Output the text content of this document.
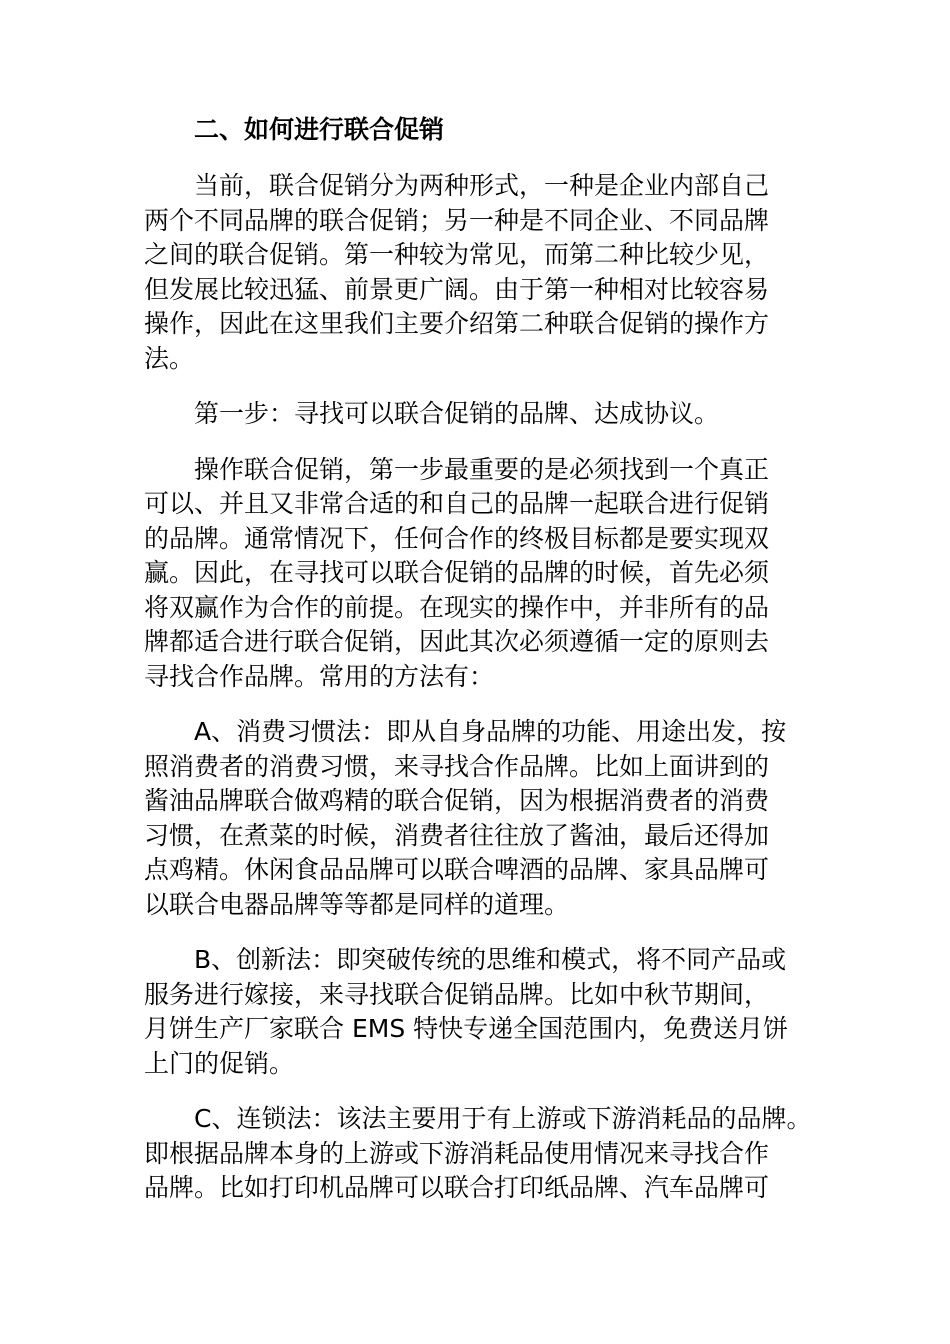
二、如何进行联合促销
当前，联合促销分为两种形式，一种是企业内部自己
两个不同品牌的联合促销；另一种是不同企业、不同品牌
之间的联合促销。第一种较为常见，而第二种比较少见，
但发展比较迅猛、前景更广阔。由于第一种相对比较容易
操作，因此在这里我们主要介绍第二种联合促销的操作方
法。
第一步：寻找可以联合促销的品牌、达成协议。
操作联合促销，第一步最重要的是必须找到一个真正
可以、并且又非常合适的和自己的品牌一起联合进行促销
的品牌。通常情况下，任何合作的终极目标都是要实现双
赢。因此，在寻找可以联合促销的品牌的时候，首先必须
将双赢作为合作的前提。在现实的操作中，并非所有的品
牌都适合进行联合促销，因此其次必须遵循一定的原则去
寻找合作品牌。常用的方法有：
A、消费习惯法：即从自身品牌的功能、用途出发，按
照消费者的消费习惯，来寻找合作品牌。比如上面讲到的
酱油品牌联合做鸡精的联合促销，因为根据消费者的消费
习惯，在煮菜的时候，消费者往往放了酱油，最后还得加
点鸡精。休闲食品品牌可以联合啤酒的品牌、家具品牌可
以联合电器品牌等等都是同样的道理。
B、创新法：即突破传统的思维和模式，将不同产品或
服务进行嫁接，来寻找联合促销品牌。比如中秋节期间，
月饼生产厂家联合 EMS 特快专递全国范围内，免费送月饼
上门的促销。
C、连锁法：该法主要用于有上游或下游消耗品的品牌。
即根据品牌本身的上游或下游消耗品使用情况来寻找合作
品牌。比如打印机品牌可以联合打印纸品牌、汽车品牌可
